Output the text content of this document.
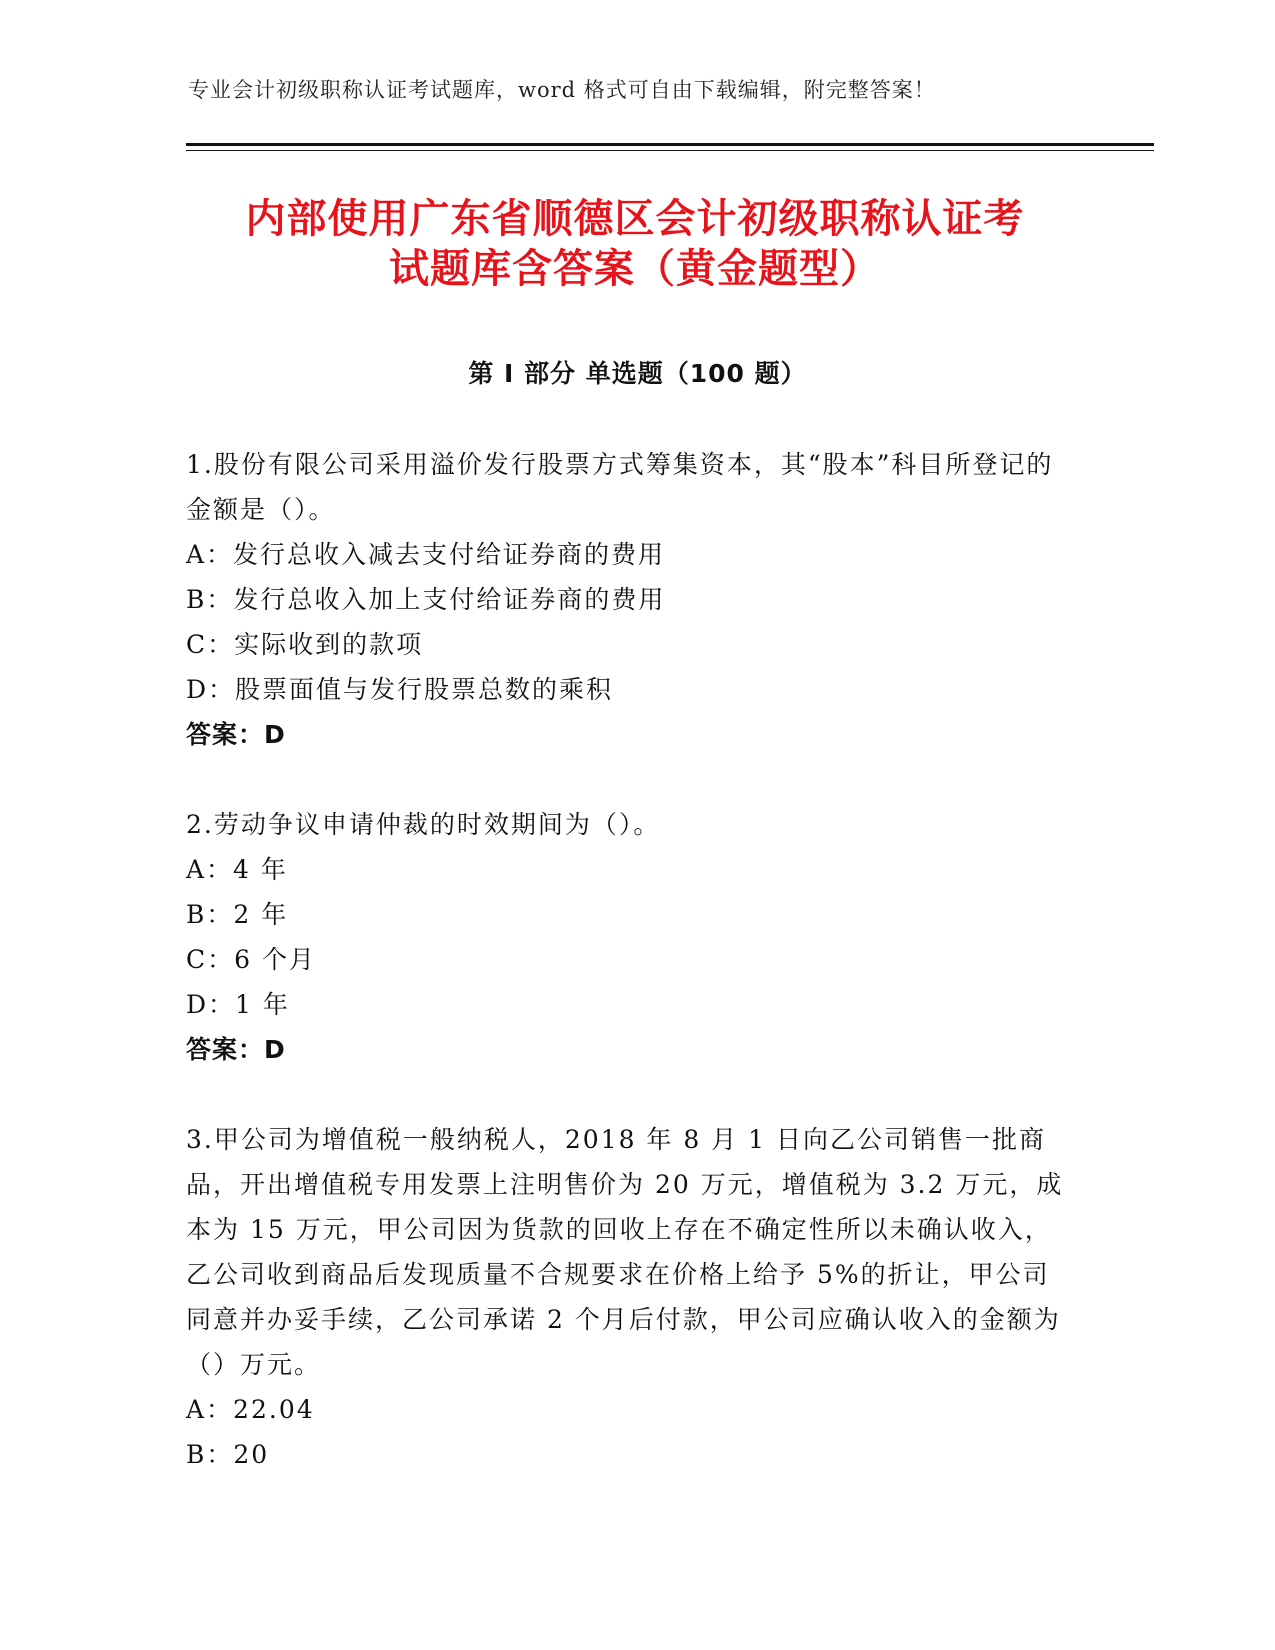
专业会计初级职称认证考试题库，word 格式可自由下载编辑，附完整答案！
内部使用广东省顺德区会计初级职称认证考
试题库含答案（黄金题型）
第 I 部分 单选题（100 题）

1.股份有限公司采用溢价发行股票方式筹集资本，其“股本”科目所登记的金额是（）。

A：发行总收入减去支付给证券商的费用

B：发行总收入加上支付给证券商的费用

C：实际收到的款项

D：股票面值与发行股票总数的乘积

答案：D

2.劳动争议申请仲裁的时效期间为（）。

A：4 年

B：2 年

C：6 个月

D：1 年

答案：D

3.甲公司为增值税一般纳税人，2018 年 8 月 1 日向乙公司销售一批商品，开出增值税专用发票上注明售价为 20 万元，增值税为 3.2 万元，成本为 15 万元，甲公司因为货款的回收上存在不确定性所以未确认收入，乙公司收到商品后发现质量不合规要求在价格上给予 5%的折让，甲公司同意并办妥手续，乙公司承诺 2 个月后付款，甲公司应确认收入的金额为（）万元。

A：22.04

B：20
